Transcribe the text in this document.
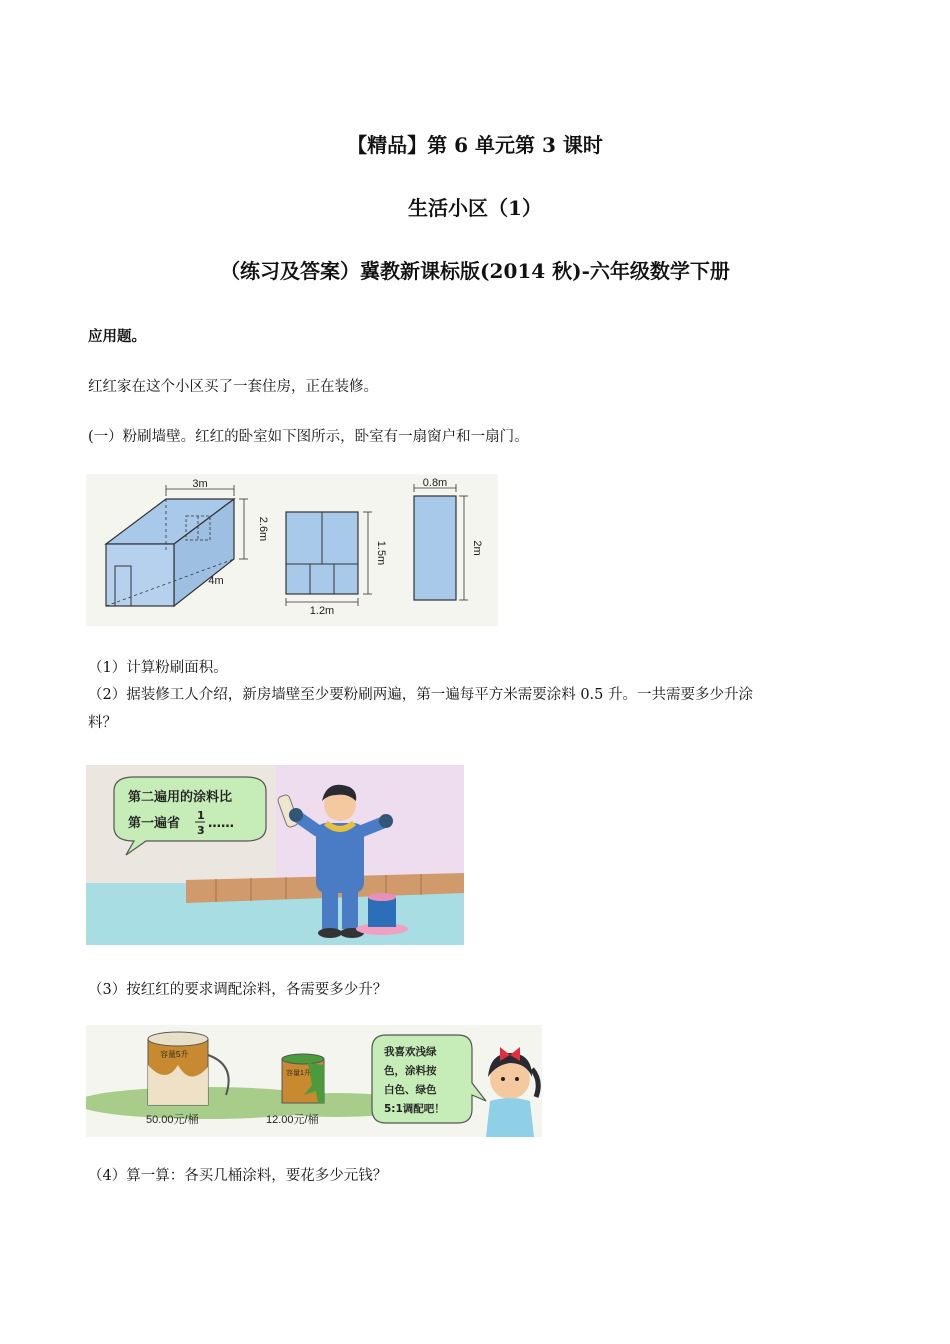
【精品】第 6 单元第 3 课时
生活小区（1）
（练习及答案）冀教新课标版(2014 秋)-六年级数学下册
应用题。
红红家在这个小区买了一套住房，正在装修。
(一）粉刷墙壁。红红的卧室如下图所示，卧室有一扇窗户和一扇门。
3m
2.6m
4m
1.5m
1.2m
0.8m
2m
（1）计算粉刷面积。
（2）据装修工人介绍，新房墙壁至少要粉刷两遍，第一遍每平方米需要涂料 0.5 升。一共需要多少升涂
料？
第二遍用的涂料比
第一遍省
1
3 ……
（3）按红红的要求调配涂料，各需要多少升？
容量5升
50.00元/桶
容量1升
12.00元/桶
我喜欢浅绿
色，涂料按
白色、绿色
5:1调配吧！
（4）算一算：各买几桶涂料，要花多少元钱？
